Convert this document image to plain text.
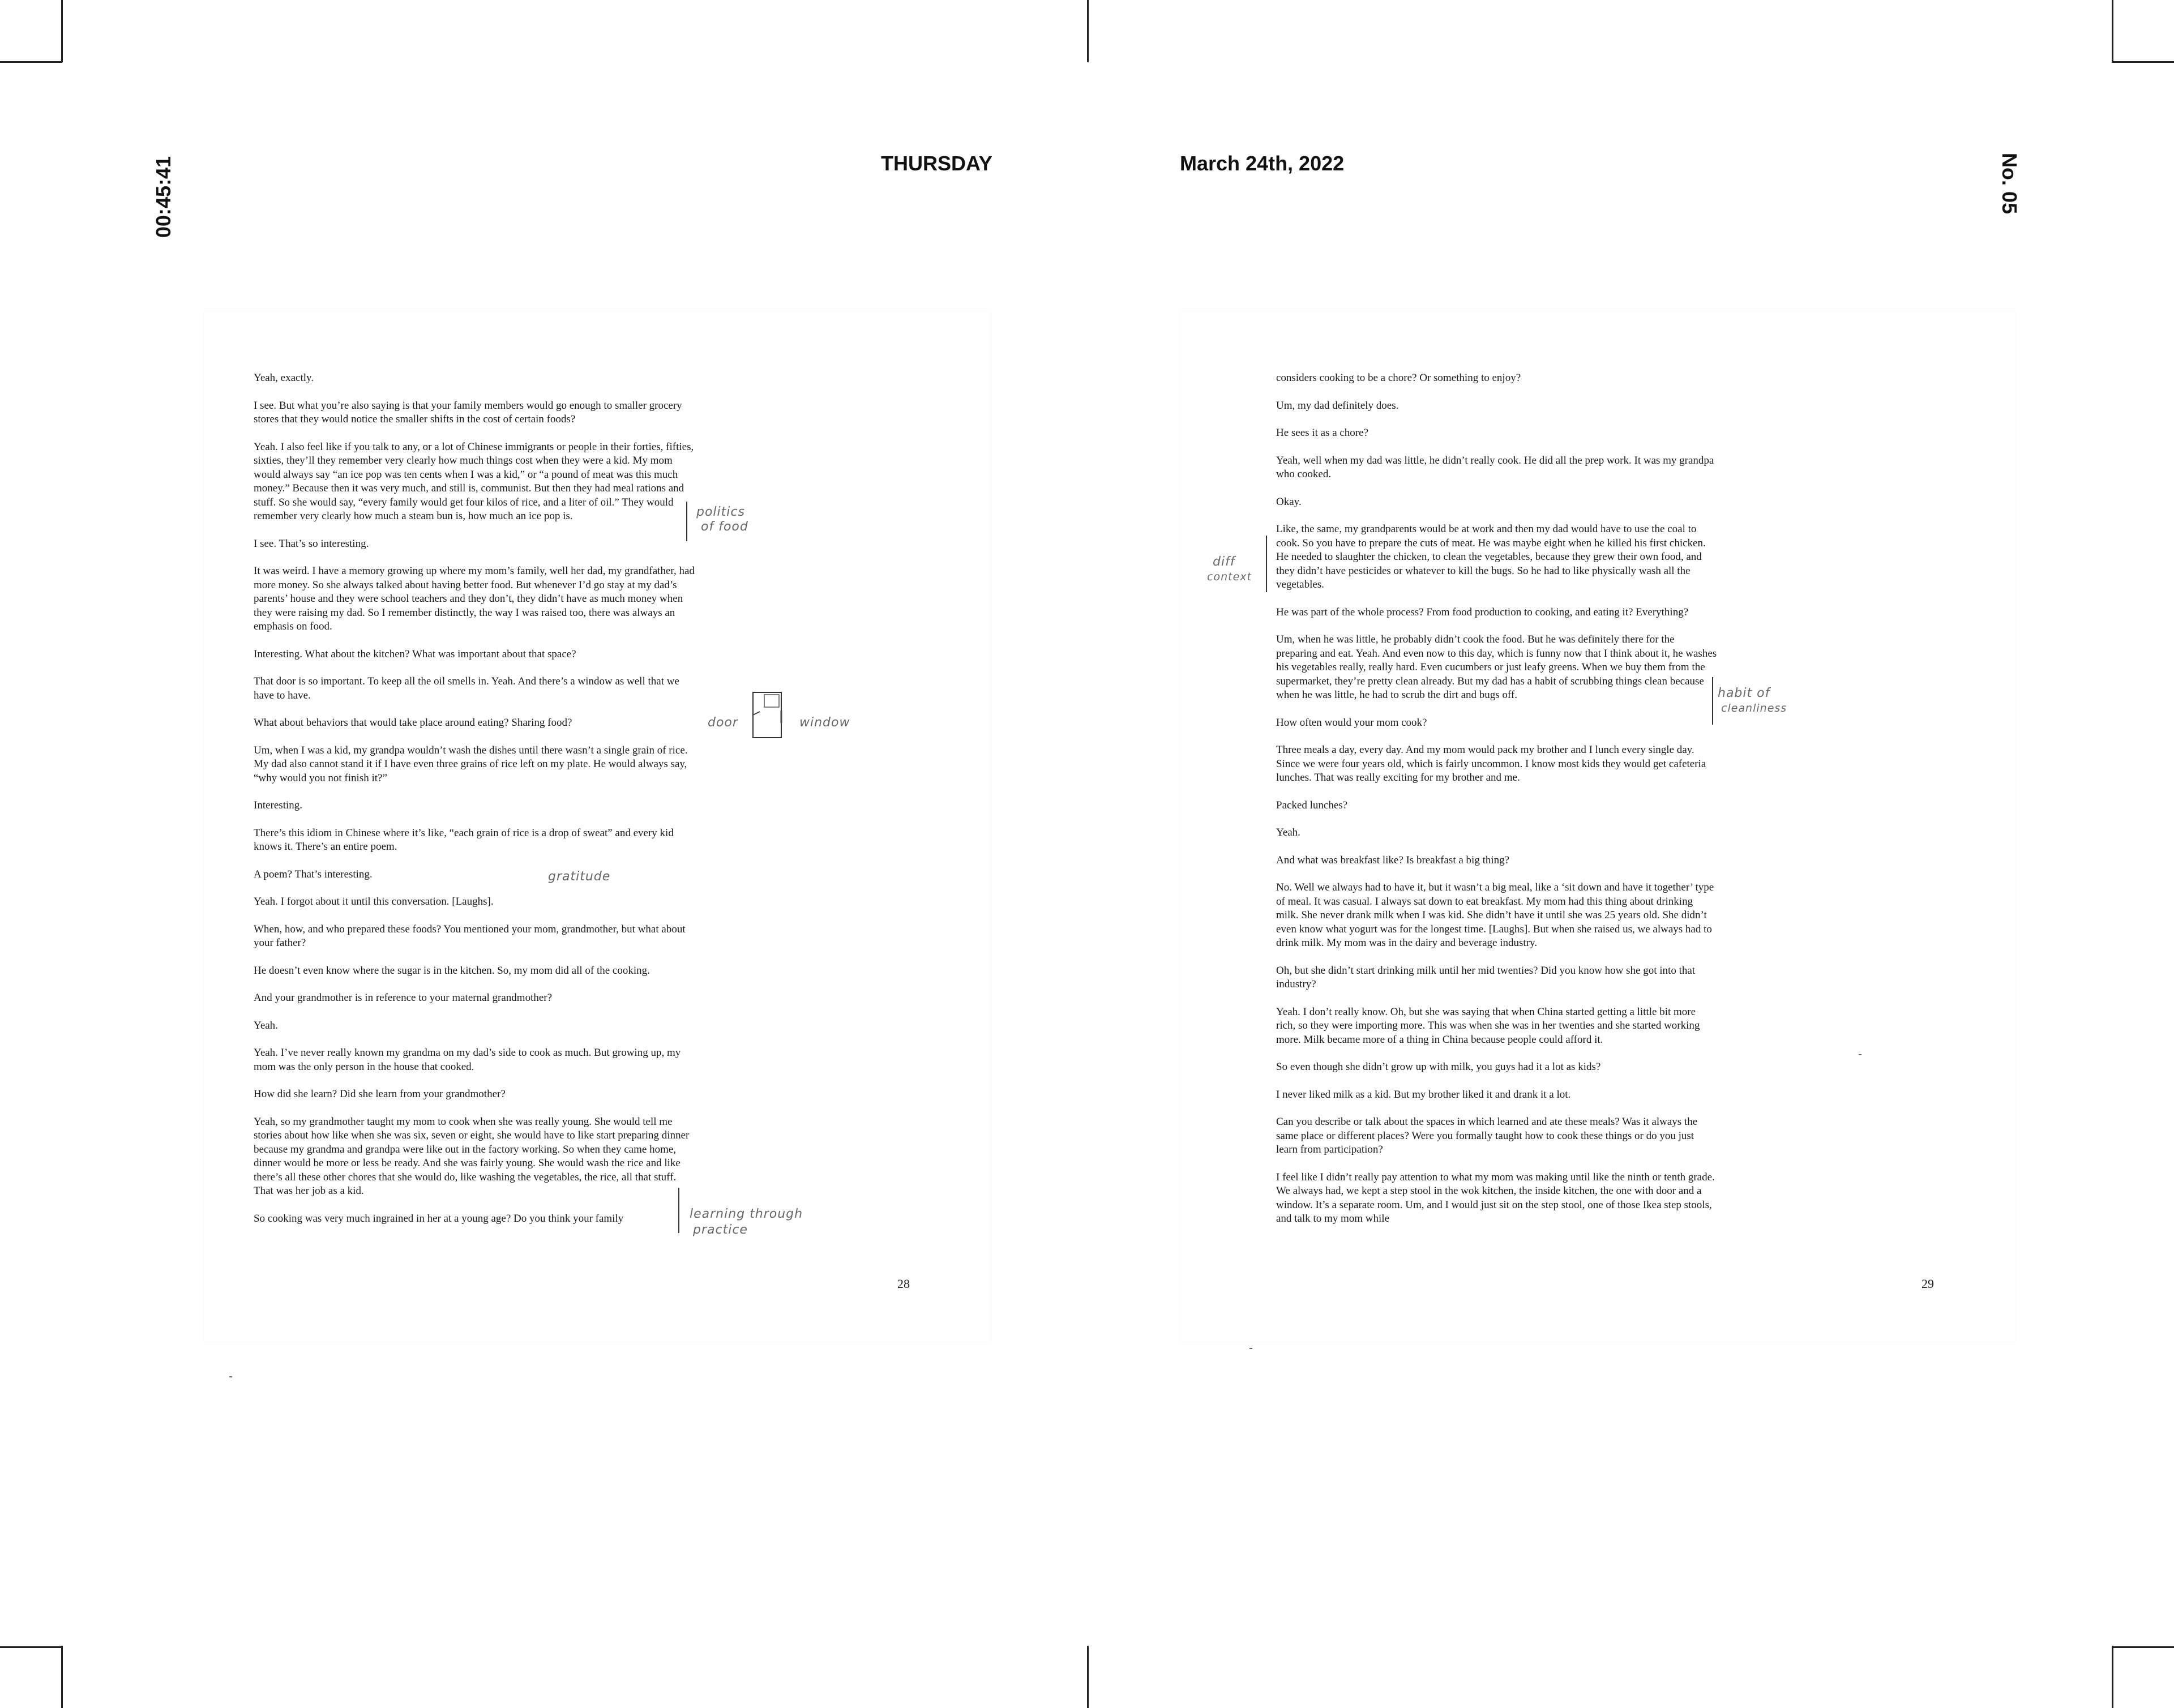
THURSDAY	March 24th, 2022
00:45:41	No. 05

Yeah, exactly.

I see. But what you’re also saying is that your family members would go enough to smaller grocery stores that they would notice the smaller shifts in the cost of certain foods?

Yeah. I also feel like if you talk to any, or a lot of Chinese immigrants or people in their forties, fifties, sixties, they’ll they remember very clearly how much things cost when they were a kid. My mom would always say “an ice pop was ten cents when I was a kid,” or “a pound of meat was this much money.” Because then it was very much, and still is, communist. But then they had meal rations and stuff. So she would say, “every family would get four kilos of rice, and a liter of oil.” They would remember very clearly how much a steam bun is, how much an ice pop is.

I see. That’s so interesting.

It was weird. I have a memory growing up where my mom’s family, well her dad, my grandfather, had more money. So she always talked about having better food. But whenever I’d go stay at my dad’s parents’ house and they were school teachers and they don’t, they didn’t have as much money when they were raising my dad. So I remember distinctly, the way I was raised too, there was always an emphasis on food.

Interesting. What about the kitchen? What was important about that space?

That door is so important. To keep all the oil smells in. Yeah. And there’s a window as well that we have to have.

What about behaviors that would take place around eating? Sharing food?

Um, when I was a kid, my grandpa wouldn’t wash the dishes until there wasn’t a single grain of rice. My dad also cannot stand it if I have even three grains of rice left on my plate. He would always say, “why would you not finish it?”

Interesting.

There’s this idiom in Chinese where it’s like, “each grain of rice is a drop of sweat” and every kid knows it. There’s an entire poem.

A poem? That’s interesting.

Yeah. I forgot about it until this conversation. [Laughs].

When, how, and who prepared these foods? You mentioned your mom, grandmother, but what about your father?

He doesn’t even know where the sugar is in the kitchen. So, my mom did all of the cooking.

And your grandmother is in reference to your maternal grandmother?

Yeah.

Yeah. I’ve never really known my grandma on my dad’s side to cook as much. But growing up, my mom was the only person in the house that cooked.

How did she learn? Did she learn from your grandmother?

Yeah, so my grandmother taught my mom to cook when she was really young. She would tell me stories about how like when she was six, seven or eight, she would have to like start preparing dinner because my grandma and grandpa were like out in the factory working. So when they came home, dinner would be more or less be ready. And she was fairly young. She would wash the rice and like there’s all these other chores that she would do, like washing the vegetables, the rice, all that stuff. That was her job as a kid.

So cooking was very much ingrained in her at a young age? Do you think your family

28
politics
of food
door	window
gratitude
learning through
practice

considers cooking to be a chore? Or something to enjoy?

Um, my dad definitely does.

He sees it as a chore?

Yeah, well when my dad was little, he didn’t really cook. He did all the prep work. It was my grandpa who cooked.

Okay.

Like, the same, my grandparents would be at work and then my dad would have to use the coal to cook. So you have to prepare the cuts of meat. He was maybe eight when he killed his first chicken. He needed to slaughter the chicken, to clean the vegetables, because they grew their own food, and they didn’t have pesticides or whatever to kill the bugs. So he had to like physically wash all the vegetables.

He was part of the whole process? From food production to cooking, and eating it? Everything?

Um, when he was little, he probably didn’t cook the food. But he was definitely there for the preparing and eat. Yeah. And even now to this day, which is funny now that I think about it, he washes his vegetables really, really hard. Even cucumbers or just leafy greens. When we buy them from the supermarket, they’re pretty clean already. But my dad has a habit of scrubbing things clean because when he was little, he had to scrub the dirt and bugs off.

How often would your mom cook?

Three meals a day, every day. And my mom would pack my brother and I lunch every single day. Since we were four years old, which is fairly uncommon. I know most kids they would get cafeteria lunches. That was really exciting for my brother and me.

Packed lunches?

Yeah.

And what was breakfast like? Is breakfast a big thing?

No. Well we always had to have it, but it wasn’t a big meal, like a ‘sit down and have it together’ type of meal. It was casual. I always sat down to eat breakfast. My mom had this thing about drinking milk. She never drank milk when I was kid. She didn’t have it until she was 25 years old. She didn’t even know what yogurt was for the longest time. [Laughs]. But when she raised us, we always had to drink milk. My mom was in the dairy and beverage industry.

Oh, but she didn’t start drinking milk until her mid twenties? Did you know how she got into that industry?

Yeah. I don’t really know. Oh, but she was saying that when China started getting a little bit more rich, so they were importing more. This was when she was in her twenties and she started working more. Milk became more of a thing in China because people could afford it.

So even though she didn’t grow up with milk, you guys had it a lot as kids?

I never liked milk as a kid. But my brother liked it and drank it a lot.

Can you describe or talk about the spaces in which learned and ate these meals? Was it always the same place or different places? Were you formally taught how to cook these things or do you just learn from participation?

I feel like I didn’t really pay attention to what my mom was making until like the ninth or tenth grade. We always had, we kept a step stool in the wok kitchen, the inside kitchen, the one with door and a window. It’s a separate room. Um, and I would just sit on the step stool, one of those Ikea step stools, and talk to my mom while

29
diff
context
habit of
cleanliness
